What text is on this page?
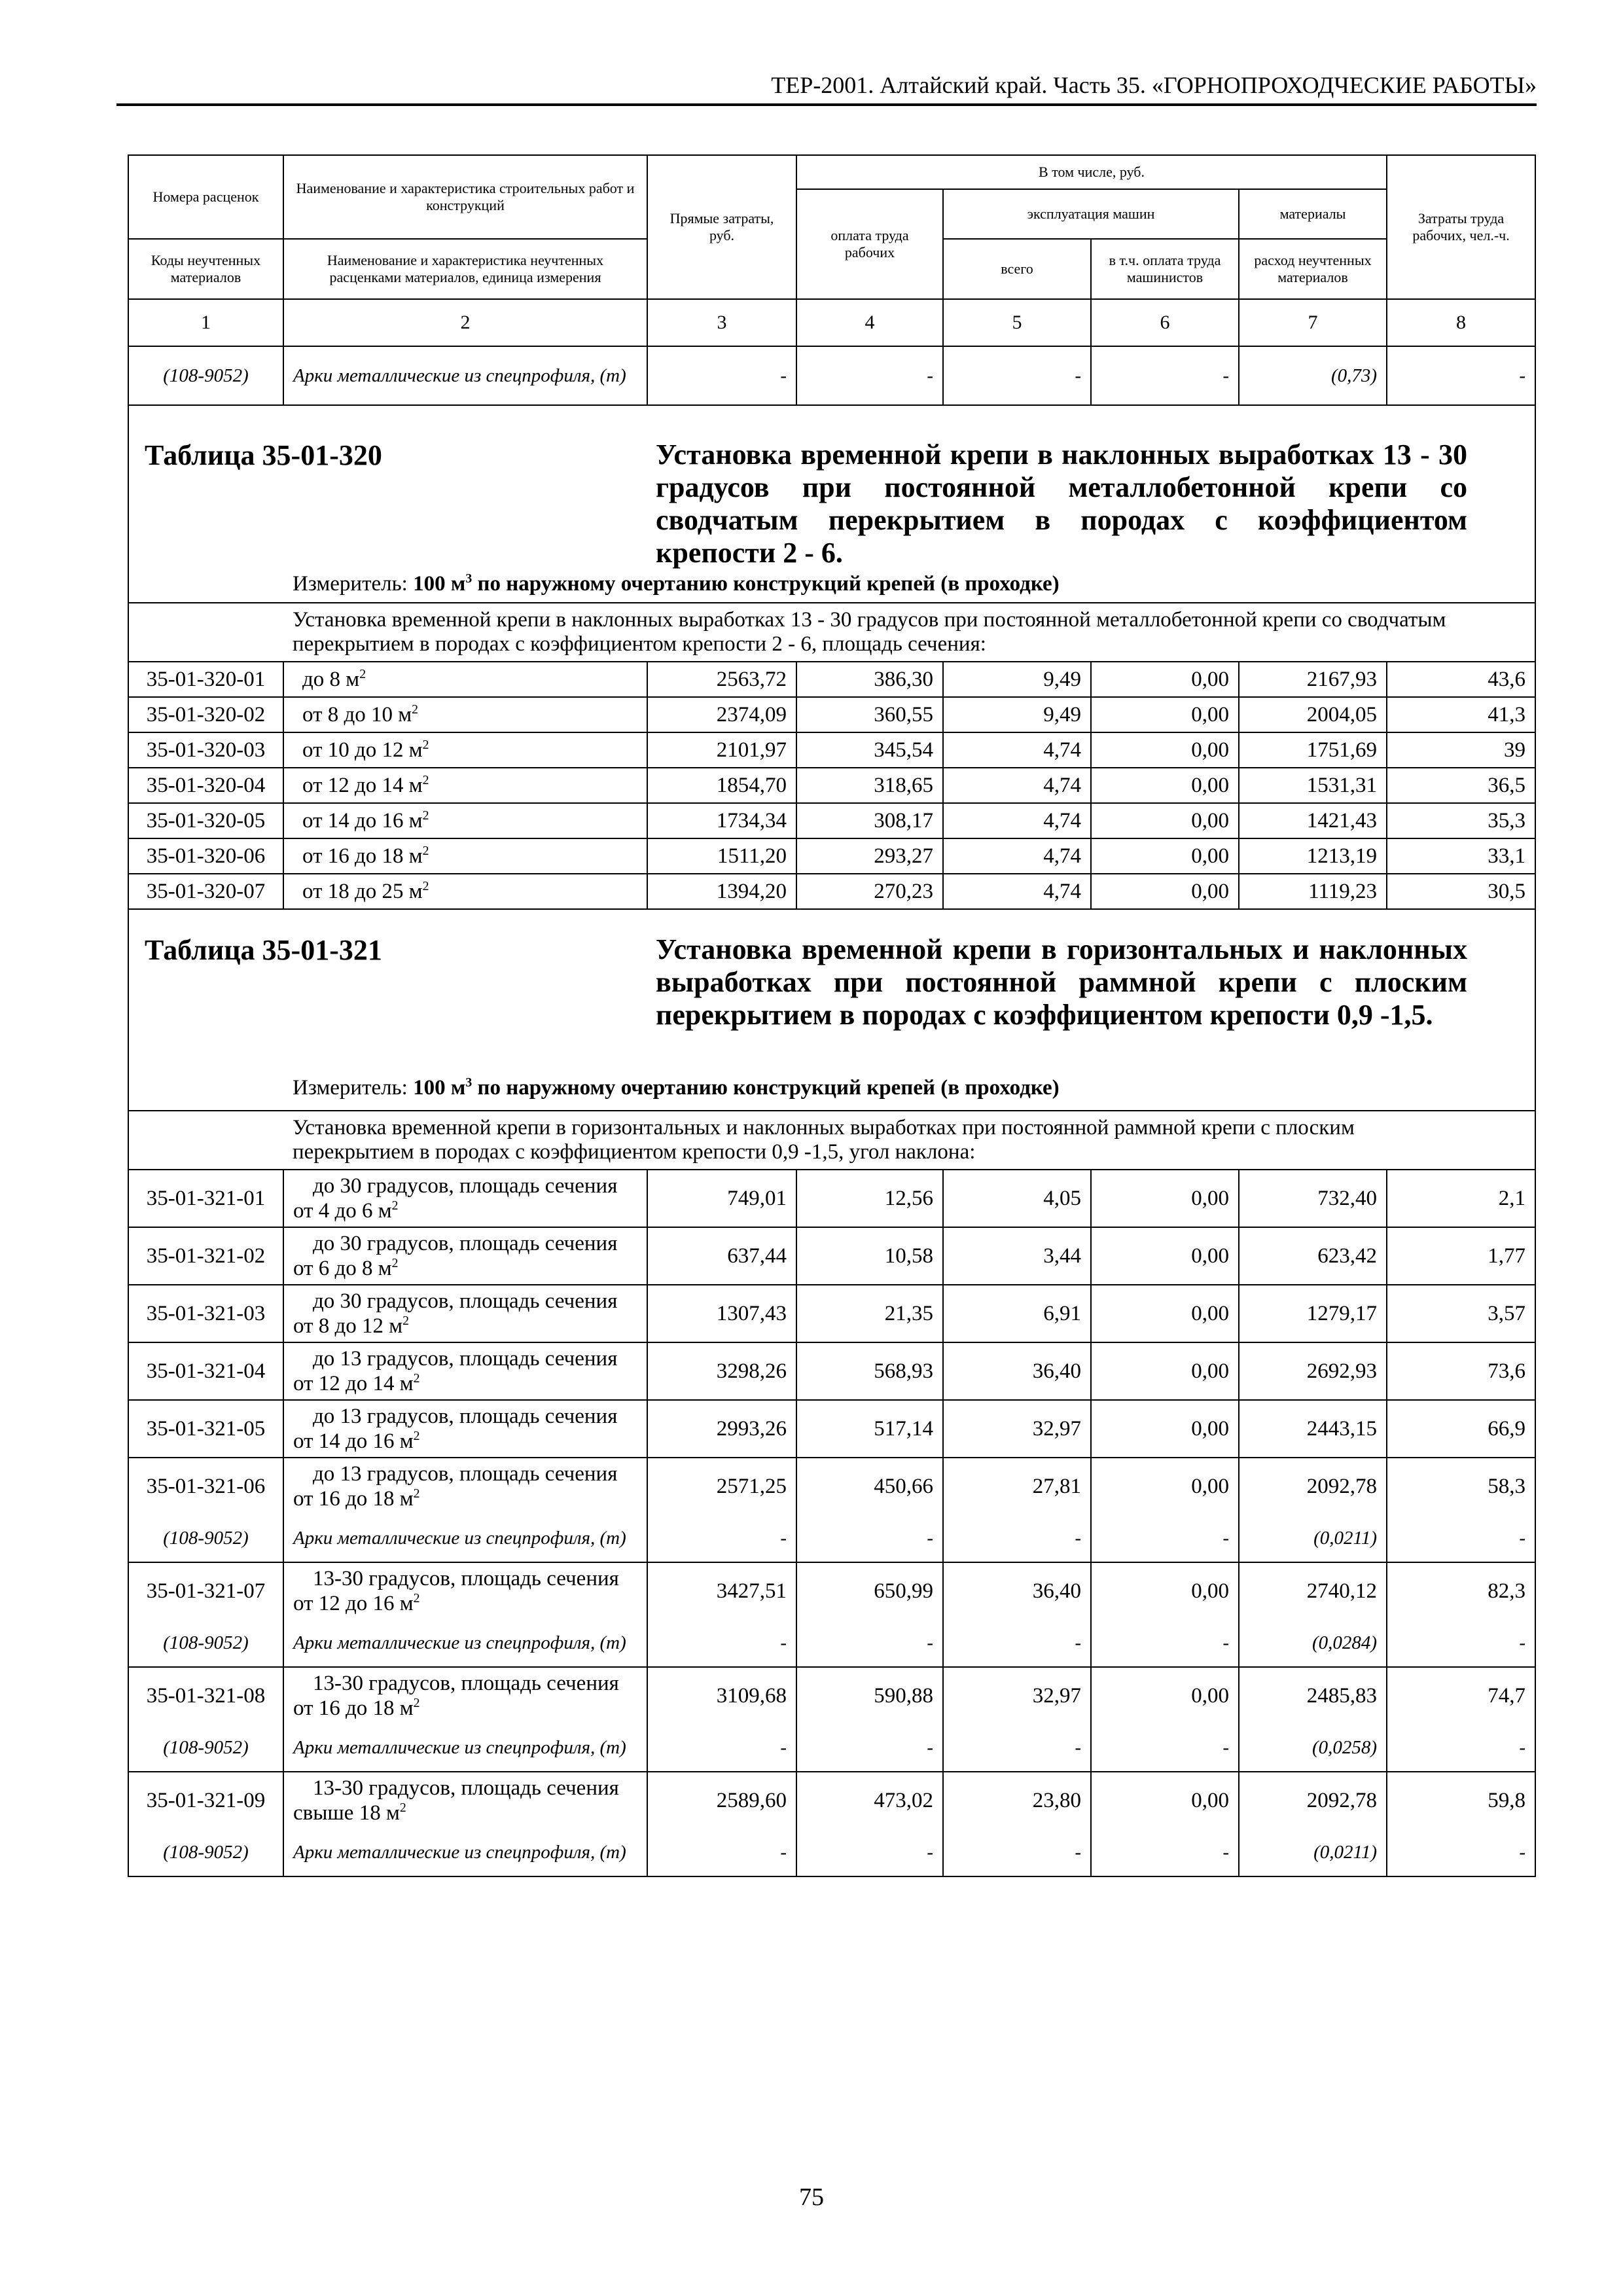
ТЕР-2001. Алтайский край. Часть 35. «ГОРНОПРОХОДЧЕСКИЕ РАБОТЫ»
Номера расценок	Наименование и характеристика строительных работ и конструкций	Прямые затраты, руб.	В том числе, руб.				Затраты труда рабочих, чел.-ч.
			оплата труда рабочих	эксплуатация машин		материалы	
Коды неучтенных материалов	Наименование и характеристика неучтенных расценками материалов, единица измерения			всего	в т.ч. оплата труда машинистов	расход неучтенных материалов	
1	2	3	4	5	6	7	8
(108-9052)	Арки металлические из спецпрофиля, (т)	-	-	-	-	(0,73)	-

Таблица 35-01-320 Установка временной крепи в наклонных выработках 13 - 30 градусов при постоянной металлобетонной крепи со сводчатым перекрытием в породах с коэффициентом крепости 2 - 6.
Измеритель: 100 $м^3$ по наружному очертанию конструкций крепей (в проходке)							

Установка временной крепи в наклонных выработках 13 - 30 градусов при постоянной металлобетонной крепи со сводчатым перекрытием в породах с коэффициентом крепости 2 - 6, площадь сечения:							
35-01-320-01	до 8 $м^2$	2563,72	386,30	9,49	0,00	2167,93	43,6
35-01-320-02	от 8 до 10 $м^2$	2374,09	360,55	9,49	0,00	2004,05	41,3
35-01-320-03	от 10 до 12 $м^2$	2101,97	345,54	4,74	0,00	1751,69	39
35-01-320-04	от 12 до 14 $м^2$	1854,70	318,65	4,74	0,00	1531,31	36,5
35-01-320-05	от 14 до 16 $м^2$	1734,34	308,17	4,74	0,00	1421,43	35,3
35-01-320-06	от 16 до 18 $м^2$	1511,20	293,27	4,74	0,00	1213,19	33,1
35-01-320-07	от 18 до 25 $м^2$	1394,20	270,23	4,74	0,00	1119,23	30,5

Таблица 35-01-321 Установка временной крепи в горизонтальных и наклонных выработках при постоянной раммной крепи с плоским перекрытием в породах с коэффициентом крепости 0,9 -1,5.
Измеритель: 100 $м^3$ по наружному очертанию конструкций крепей (в проходке)							

Установка временной крепи в горизонтальных и наклонных выработках при постоянной раммной крепи с плоским перекрытием в породах с коэффициентом крепости 0,9 -1,5, угол наклона:							
35-01-321-01	до 30 градусов, площадь сечения от 4 до 6 $м^2$	749,01	12,56	4,05	0,00	732,40	2,1
35-01-321-02	до 30 градусов, площадь сечения от 6 до 8 $м^2$	637,44	10,58	3,44	0,00	623,42	1,77
35-01-321-03	до 30 градусов, площадь сечения от 8 до 12 $м^2$	1307,43	21,35	6,91	0,00	1279,17	3,57
35-01-321-04	до 13 градусов, площадь сечения от 12 до 14 $м^2$	3298,26	568,93	36,40	0,00	2692,93	73,6
35-01-321-05	до 13 градусов, площадь сечения от 14 до 16 $м^2$	2993,26	517,14	32,97	0,00	2443,15	66,9
35-01-321-06	до 13 градусов, площадь сечения от 16 до 18 $м^2$	2571,25	450,66	27,81	0,00	2092,78	58,3
(108-9052)	Арки металлические из спецпрофиля, (т)	-	-	-	-	(0,0211)	-
35-01-321-07	13-30 градусов, площадь сечения от 12 до 16 $м^2$	3427,51	650,99	36,40	0,00	2740,12	82,3
(108-9052)	Арки металлические из спецпрофиля, (т)	-	-	-	-	(0,0284)	-
35-01-321-08	13-30 градусов, площадь сечения от 16 до 18 $м^2$	3109,68	590,88	32,97	0,00	2485,83	74,7
(108-9052)	Арки металлические из спецпрофиля, (т)	-	-	-	-	(0,0258)	-
35-01-321-09	13-30 градусов, площадь сечения свыше 18 $м^2$	2589,60	473,02	23,80	0,00	2092,78	59,8
(108-9052)	Арки металлические из спецпрофиля, (т)	-	-	-	-	(0,0211)	-
75
